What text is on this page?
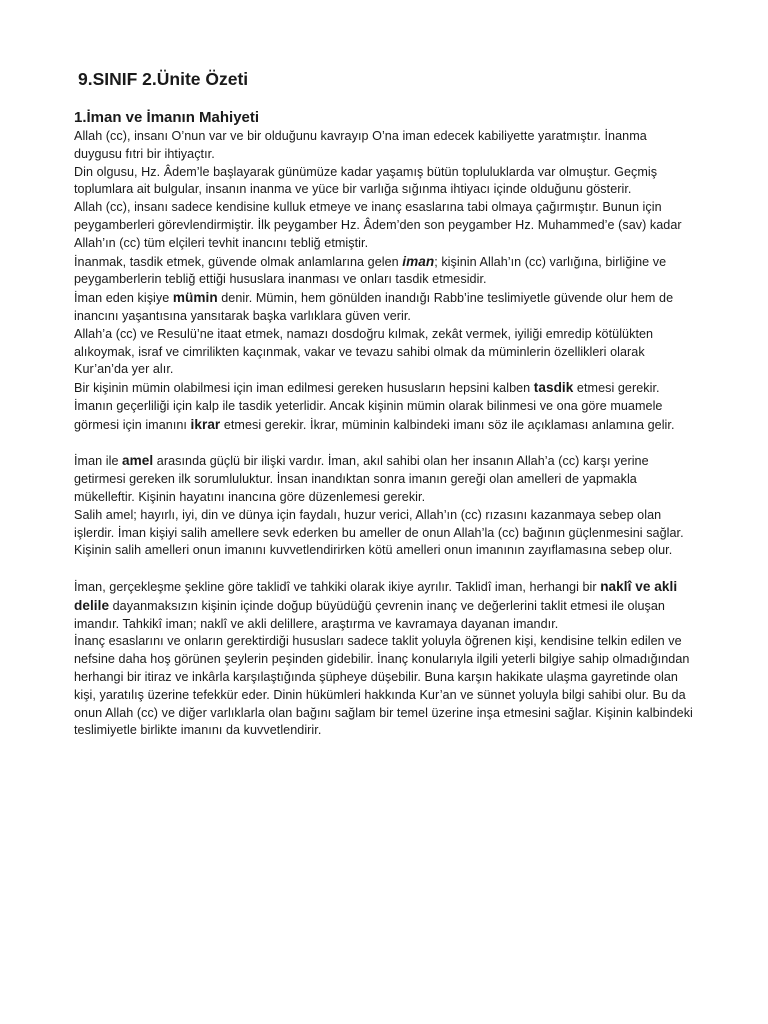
9.SINIF 2.Ünite Özeti
1.İman ve İmanın Mahiyeti

Allah (cc), insanı O’nun var ve bir olduğunu kavrayıp O’na iman edecek kabiliyette yaratmıştır. İnanma duygusu fıtri bir ihtiyaçtır.

Din olgusu, Hz. Âdem’le başlayarak günümüze kadar yaşamış bütün topluluklarda var olmuştur. Geçmiş toplumlara ait bulgular, insanın inanma ve yüce bir varlığa sığınma ihtiyacı içinde olduğunu gösterir.

Allah (cc), insanı sadece kendisine kulluk etmeye ve inanç esaslarına tabi olmaya çağırmıştır. Bunun için peygamberleri görevlendirmiştir. İlk peygamber Hz. Âdem’den son peygamber Hz. Muhammed’e (sav) kadar Allah’ın (cc) tüm elçileri tevhit inancını tebliğ etmiştir.

İnanmak, tasdik etmek, güvende olmak anlamlarına gelen iman; kişinin Allah’ın (cc) varlığına, birliğine ve peygamberlerin tebliğ ettiği hususlara inanması ve onları tasdik etmesidir.

İman eden kişiye mümin denir. Mümin, hem gönülden inandığı Rabb’ine teslimiyetle güvende olur hem de inancını yaşantısına yansıtarak başka varlıklara güven verir.

Allah’a (cc) ve Resulü’ne itaat etmek, namazı dosdoğru kılmak, zekât vermek, iyiliği emredip kötülükten alıkoymak, israf ve cimrilikten kaçınmak, vakar ve tevazu sahibi olmak da müminlerin özellikleri olarak Kur’an’da yer alır.

Bir kişinin mümin olabilmesi için iman edilmesi gereken hususların hepsini kalben tasdik etmesi gerekir. İmanın geçerliliği için kalp ile tasdik yeterlidir. Ancak kişinin mümin olarak bilinmesi ve ona göre muamele görmesi için imanını ikrar etmesi gerekir. İkrar, müminin kalbindeki imanı söz ile açıklaması anlamına gelir.

İman ile amel arasında güçlü bir ilişki vardır. İman, akıl sahibi olan her insanın Allah’a (cc) karşı yerine getirmesi gereken ilk sorumluluktur. İnsan inandıktan sonra imanın gereği olan amelleri de yapmakla mükelleftir. Kişinin hayatını inancına göre düzenlemesi gerekir.

Salih amel; hayırlı, iyi, din ve dünya için faydalı, huzur verici, Allah’ın (cc) rızasını kazanmaya sebep olan işlerdir. İman kişiyi salih amellere sevk ederken bu ameller de onun Allah’la (cc) bağının güçlenmesini sağlar. Kişinin salih amelleri onun imanını kuvvetlendirirken kötü amelleri onun imanının zayıflamasına sebep olur.

İman, gerçekleşme şekline göre taklidî ve tahkiki olarak ikiye ayrılır. Taklidî iman, herhangi bir naklî ve akli delile dayanmaksızın kişinin içinde doğup büyüdüğü çevrenin inanç ve değerlerini taklit etmesi ile oluşan imandır. Tahkikî iman; naklî ve akli delillere, araştırma ve kavramaya dayanan imandır.

İnanç esaslarını ve onların gerektirdiği hususları sadece taklit yoluyla öğrenen kişi, kendisine telkin edilen ve nefsine daha hoş görünen şeylerin peşinden gidebilir. İnanç konularıyla ilgili yeterli bilgiye sahip olmadığından herhangi bir itiraz ve inkârla karşılaştığında şüpheye düşebilir. Buna karşın hakikate ulaşma gayretinde olan kişi, yaratılış üzerine tefekkür eder. Dinin hükümleri hakkında Kur’an ve sünnet yoluyla bilgi sahibi olur. Bu da onun Allah (cc) ve diğer varlıklarla olan bağını sağlam bir temel üzerine inşa etmesini sağlar. Kişinin kalbindeki teslimiyetle birlikte imanını da kuvvetlendirir.
